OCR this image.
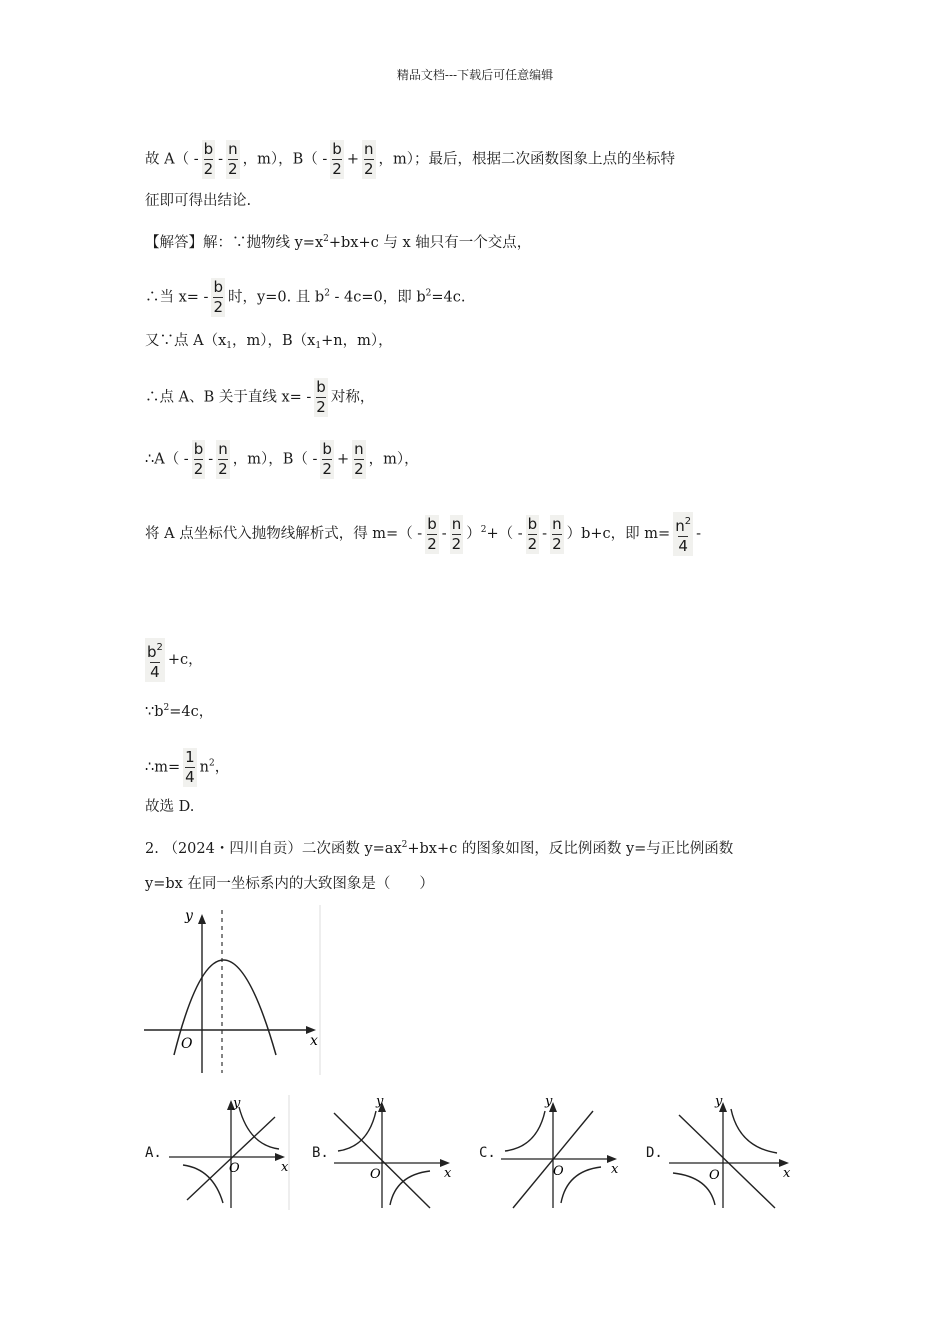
精品文档---下载后可任意编辑
故 $A( - \frac{b}{2} - \frac{n}{2}$ ，m），$B( - \frac{b}{2} + \frac{n}{2}$ ，m）；最后，根据二次函数图象上点的坐标特
征即可得出结论.
【解答】解：∵抛物线 $y=x^2+bx+c$ 与 x 轴只有一个交点，
∴当 $x= - \frac{b}{2}$ 时，y=0. 且 $b^2 - 4c=0$，即 $b^2=4c$.
又∵点 $A(x_1$，m），$B(x_1+n$，m），
∴点 A、B 关于直线 $x= - \frac{b}{2}$ 对称，
∴A（ - $\frac{b}{2} - \frac{n}{2}$ ，m），$B( - \frac{b}{2} + \frac{n}{2}$ ，m），
将 A 点坐标代入抛物线解析式，得 $m=( - \frac{b}{2} - \frac{n}{2} )^2+( - \frac{b}{2} - \frac{n}{2} )b+c$，即 $m= \frac{n^2}{4}$ -
$\frac{b^2}{4} +c$，
$\because b^2=4c$，
∴m= $\frac{1}{4} n^2$，
故选 D.
2. （2024・四川自贡）二次函数 $y=ax^2+bx+c$ 的图象如图，反比例函数 y=与正比例函数
y=bx 在同一坐标系内的大致图象是（　　）
x
y
O
A.
x
y
O
B.
x
y
O
C.
x
y
O
D.
x
y
O
